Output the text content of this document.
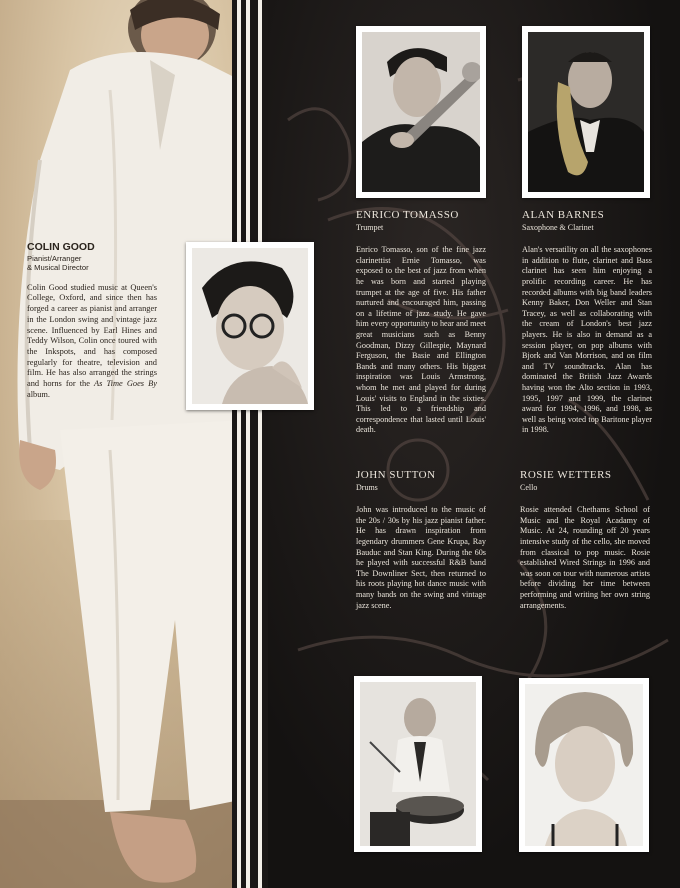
COLIN GOOD
Pianist/Arranger
& Musical Director

Colin Good studied music at Queen's College, Oxford, and since then has forged a career as pianist and arranger in the London swing and vintage jazz scene. Influenced by Earl Hines and Teddy Wilson, Colin once toured with the Inkspots, and has composed regularly for theatre, television and film. He has also arranged the strings and horns for the As Time Goes By album.

ENRICO TOMASSO
Trumpet
Enrico Tomasso, son of the fine jazz clarinettist Ernie Tomasso, was exposed to the best of jazz from when he was born and started playing trumpet at the age of five. His father nurtured and encouraged him, passing on a lifetime of jazz study. He gave him every opportunity to hear and meet great musicians such as Benny Goodman, Dizzy Gillespie, Maynard Ferguson, the Basie and Ellington Bands and many others. His biggest inspiration was Louis Armstrong, whom he met and played for during Louis' visits to England in the sixties. This led to a friendship and correspondence that lasted until Louis' death.
ALAN BARNES
Saxophone & Clarinet
Alan's versatility on all the saxophones in addition to flute, clarinet and Bass clarinet has seen him enjoying a prolific recording career. He has recorded albums with big band leaders Kenny Baker, Don Weller and Stan Tracey, as well as collaborating with the cream of London's best jazz players. He is also in demand as a session player, on pop albums with Bjork and Van Morrison, and on film and TV soundtracks. Alan has dominated the British Jazz Awards having won the Alto section in 1993, 1995, 1997 and 1999, the clarinet award for 1994, 1996, and 1998, as well as being voted top Baritone player in 1998.
JOHN SUTTON
Drums
John was introduced to the music of the 20s / 30s by his jazz pianist father. He has drawn inspiration from legendary drummers Gene Krupa, Ray Bauduc and Stan King. During the 60s he played with successful R&B band The Downliner Sect, then returned to his roots playing hot dance music with many bands on the swing and vintage jazz scene.
ROSIE WETTERS
Cello
Rosie attended Chethams School of Music and the Royal Acadamy of Music. At 24, rounding off 20 years intensive study of the cello, she moved from classical to pop music. Rosie established Wired Strings in 1996 and was soon on tour with numerous artists before dividing her time between performing and writing her own string arrangements.
